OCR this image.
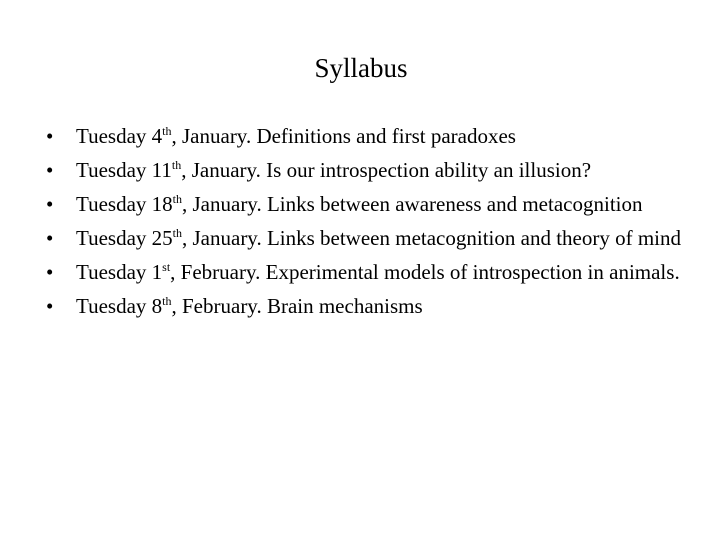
Syllabus
•	Tuesday 4th, January. Definitions and first paradoxes
•	Tuesday 11th, January. Is our introspection ability an illusion?
•	Tuesday 18th, January. Links between awareness and metacognition
•	Tuesday 25th, January. Links between metacognition and theory of mind
•	Tuesday 1st, February. Experimental models of introspection in animals.
•	Tuesday 8th, February. Brain mechanisms
